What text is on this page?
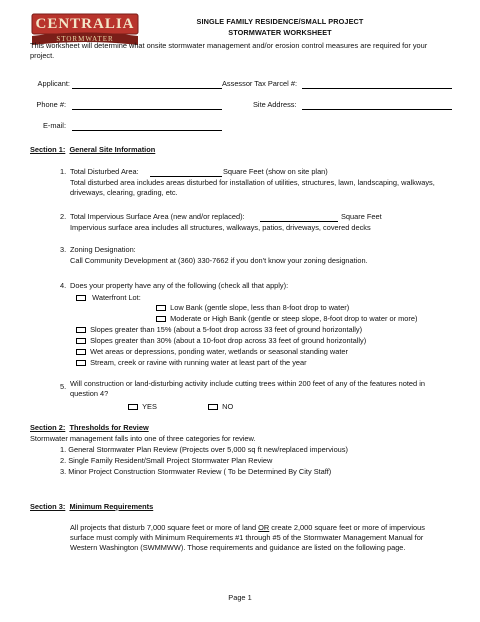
CENTRALIA
STORMWATER
SINGLE FAMILY RESIDENCE/SMALL PROJECT
STORMWATER WORKSHEET
This worksheet will determine what onsite stormwater management and/or erosion control measures are required for your project.
Applicant:	Assessor Tax Parcel #:
Phone #:	Site Address:
E-mail:
Section 1: General Site Information
1. Total Disturbed Area:	Square Feet (show on site plan)
Total disturbed area includes areas disturbed for installation of utilities, structures, lawn, landscaping, walkways, driveways, clearing, grading, etc.
2. Total Impervious Surface Area (new and/or replaced):	Square Feet
Impervious surface area includes all structures, walkways, patios, driveways, covered decks
3. Zoning Designation:
Call Community Development at (360) 330-7662 if you don't know your zoning designation.
4. Does your property have any of the following (check all that apply):
Waterfront Lot:
Low Bank (gentle slope, less than 8-foot drop to water)
Moderate or High Bank (gentle or steep slope, 8-foot drop to water or more)
Slopes greater than 15% (about a 5-foot drop across 33 feet of ground horizontally)
Slopes greater than 30% (about a 10-foot drop across 33 feet of ground horizontally)
Wet areas or depressions, ponding water, wetlands or seasonal standing water
Stream, creek or ravine with running water at least part of the year
5. Will construction or land-disturbing activity include cutting trees within 200 feet of any of the features noted in question 4?
YES	NO
Section 2: Thresholds for Review
Stormwater management falls into one of three categories for review.
1. General Stormwater Plan Review (Projects over 5,000 sq ft new/replaced impervious)
2. Single Family Resident/Small Project Stormwater Plan Review
3. Minor Project Construction Stormwater Review ( To be Determined By City Staff)
Section 3: Minimum Requirements
All projects that disturb 7,000 square feet or more of land OR create 2,000 square feet or more of impervious surface must comply with Minimum Requirements #1 through #5 of the Stormwater Management Manual for Western Washington (SWMMWW). Those requirements and guidance are listed on the following page.
Page 1
